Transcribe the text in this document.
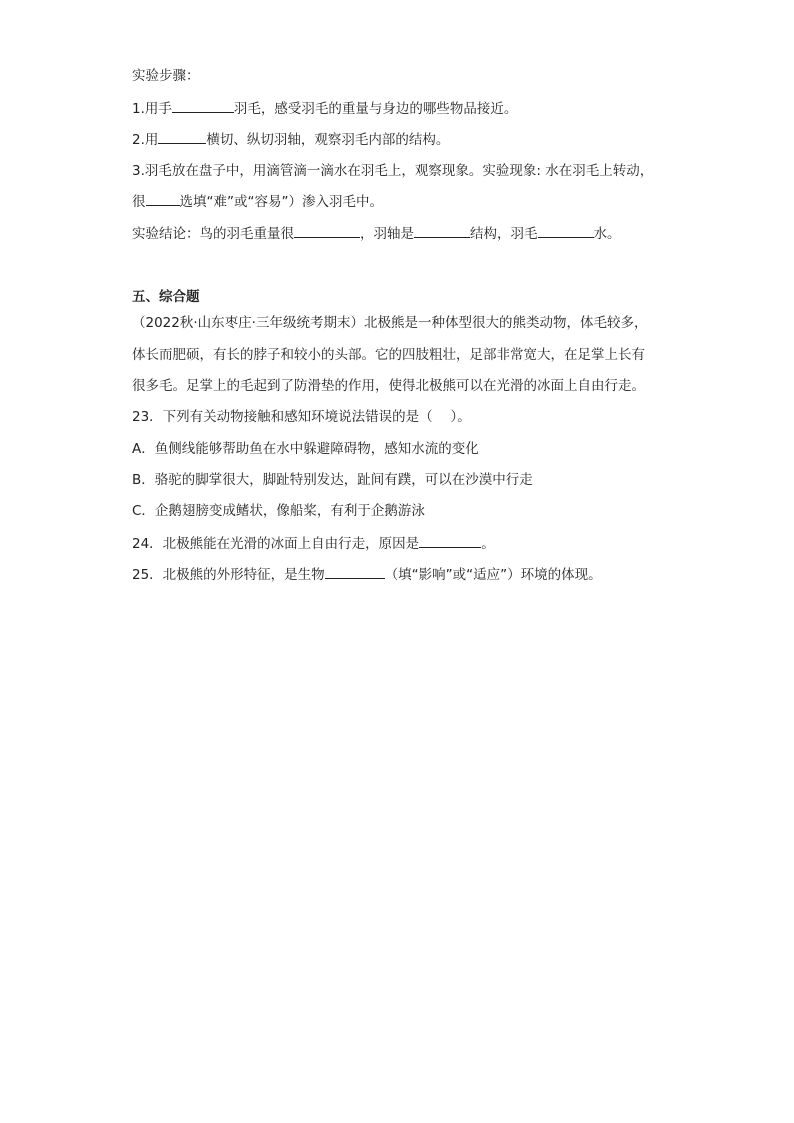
实验步骤：
1.用手	羽毛，感受羽毛的重量与身边的哪些物品接近。
2.用	横切、纵切羽轴，观察羽毛内部的结构。
3.羽毛放在盘子中，用滴管滴一滴水在羽毛上，观察现象。实验现象: 水在羽毛上转动，
很	选填“难”或“容易”）渗入羽毛中。
实验结论：鸟的羽毛重量很	，羽轴是	结构，羽毛	水。
五、综合题
（2022秋·山东枣庄·三年级统考期末）北极熊是一种体型很大的熊类动物，体毛较多，
体长而肥硕，有长的脖子和较小的头部。它的四肢粗壮，足部非常宽大，在足掌上长有
很多毛。足掌上的毛起到了防滑垫的作用，使得北极熊可以在光滑的冰面上自由行走。
23．下列有关动物接触和感知环境说法错误的是（　 ）。
A．鱼侧线能够帮助鱼在水中躲避障碍物，感知水流的变化
B．骆驼的脚掌很大，脚趾特别发达，趾间有蹼，可以在沙漠中行走
C．企鹅翅膀变成鳍状，像船桨，有利于企鹅游泳
24．北极熊能在光滑的冰面上自由行走，原因是	。
25．北极熊的外形特征，是生物	（填“影响”或“适应”）环境的体现。
